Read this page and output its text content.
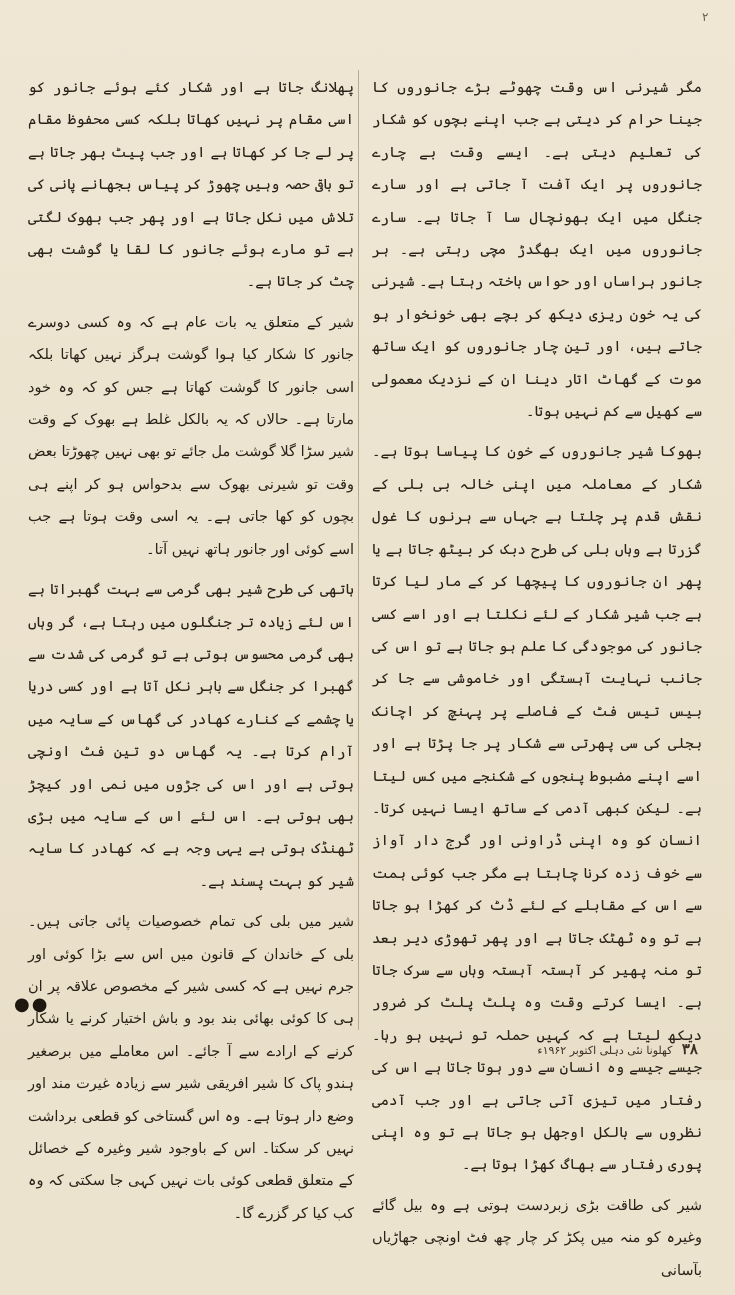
٢

مگر شیرنی اس وقت چھوٹے بڑے جانوروں کا جینا حرام کر دیتی ہے جب اپنے بچوں کو شکار کی تعلیم دیتی ہے۔ ایسے وقت بے چارے جانوروں پر ایک آفت آ جاتی ہے اور سارے جنگل میں ایک بھونچال سا آ جاتا ہے۔ سارے جانوروں میں ایک بھگدڑ مچی رہتی ہے۔ ہر جانور ہراساں اور حواس باختہ رہتا ہے۔ شیرنی کی یہ خون ریزی دیکھ کر بچے بھی خونخوار ہو جاتے ہیں، اور تین چار جانوروں کو ایک ساتھ موت کے گھاٹ اتار دینا ان کے نزدیک معمولی سے کھیل سے کم نہیں ہوتا۔

بھوکا شیر جانوروں کے خون کا پیاسا ہوتا ہے۔ شکار کے معاملہ میں اپنی خالہ بی بلی کے نقش قدم پر چلتا ہے جہاں سے ہرنوں کا غول گزرتا ہے وہاں بلی کی طرح دبک کر بیٹھ جاتا ہے یا پھر ان جانوروں کا پیچھا کر کے مار لیا کرتا ہے جب شیر شکار کے لئے نکلتا ہے اور اسے کسی جانور کی موجودگی کا علم ہو جاتا ہے تو اس کی جانب نہایت آہستگی اور خاموشی سے جا کر بیس تیس فٹ کے فاصلے پر پہنچ کر اچانک بجلی کی سی پھرتی سے شکار پر جا پڑتا ہے اور اسے اپنے مضبوط پنجوں کے شکنجے میں کس لیتا ہے۔ لیکن کبھی آدمی کے ساتھ ایسا نہیں کرتا۔ انسان کو وہ اپنی ڈراونی اور گرج دار آواز سے خوف زدہ کرنا چاہتا ہے مگر جب کوئی ہمت سے اس کے مقابلے کے لئے ڈٹ کر کھڑا ہو جاتا ہے تو وہ ٹھٹک جاتا ہے اور پھر تھوڑی دیر بعد تو منہ پھیر کر آہستہ آہستہ وہاں سے سرک جاتا ہے۔ ایسا کرتے وقت وہ پلٹ پلٹ کر ضرور دیکھ لیتا ہے کہ کہیں حملہ تو نہیں ہو رہا۔ جیسے جیسے وہ انسان سے دور ہوتا جاتا ہے اس کی رفتار میں تیزی آتی جاتی ہے اور جب آدمی نظروں سے بالکل اوجھل ہو جاتا ہے تو وہ اپنی پوری رفتار سے بھاگ کھڑا ہوتا ہے۔

شیر کی طاقت بڑی زبردست ہوتی ہے وہ بیل گائے وغیرہ کو منہ میں پکڑ کر چار چھ فٹ اونچی جھاڑیاں بآسانی

پھلانگ جاتا ہے اور شکار کئے ہوئے جانور کو اسی مقام پر نہیں کھاتا بلکہ کسی محفوظ مقام پر لے جا کر کھاتا ہے اور جب پیٹ بھر جاتا ہے تو باقی حصہ وہیں چھوڑ کر پیاس بجھانے پانی کی تلاش میں نکل جاتا ہے اور پھر جب بھوک لگتی ہے تو مارے ہوئے جانور کا لقا یا گوشت بھی چٹ کر جاتا ہے۔

شیر کے متعلق یہ بات عام ہے کہ وہ کسی دوسرے جانور کا شکار کیا ہوا گوشت ہرگز نہیں کھاتا بلکہ اسی جانور کا گوشت کھاتا ہے جس کو کہ وہ خود مارتا ہے۔ حالاں کہ یہ بالکل غلط ہے بھوک کے وقت شیر سڑا گلا گوشت مل جائے تو بھی نہیں چھوڑتا بعض وقت تو شیرنی بھوک سے بدحواس ہو کر اپنے ہی بچوں کو کھا جاتی ہے۔ یہ اسی وقت ہوتا ہے جب اسے کوئی اور جانور ہاتھ نہیں آتا۔

ہاتھی کی طرح شیر بھی گرمی سے بہت گھبراتا ہے اس لئے زیادہ تر جنگلوں میں رہتا ہے، گر وہاں بھی گرمی محسوس ہوتی ہے تو گرمی کی شدت سے گھبرا کر جنگل سے باہر نکل آتا ہے اور کسی دریا یا چشمے کے کنارے کھادر کی گھاس کے سایہ میں آرام کرتا ہے۔ یہ گھاس دو تین فٹ اونچی ہوتی ہے اور اس کی جڑوں میں نمی اور کیچڑ بھی ہوتی ہے۔ اس لئے اس کے سایہ میں بڑی ٹھنڈک ہوتی ہے یہی وجہ ہے کہ کھادر کا سایہ شیر کو بہت پسند ہے۔

شیر میں بلی کی تمام خصوصیات پائی جاتی ہیں۔ بلی کے خاندان کے قانون میں اس سے بڑا کوئی اور جرم نہیں ہے کہ کسی شیر کے مخصوص علاقہ پر ان ہی کا کوئی بھائی بند بود و باش اختیار کرنے یا شکار کرنے کے ارادے سے آ جائے۔ اس معاملے میں برصغیر ہندو پاک کا شیر افریقی شیر سے زیادہ غیرت مند اور وضع دار ہوتا ہے۔ وہ اس گستاخی کو قطعی برداشت نہیں کر سکتا۔ اس کے باوجود شیر وغیرہ کے خصائل کے متعلق قطعی کوئی بات نہیں کہی جا سکتی کہ وہ کب کیا کر گزرے گا۔

●●
۳۸ کھلونا نئی دہلی اکتوبر ۱۹۶۲ء
